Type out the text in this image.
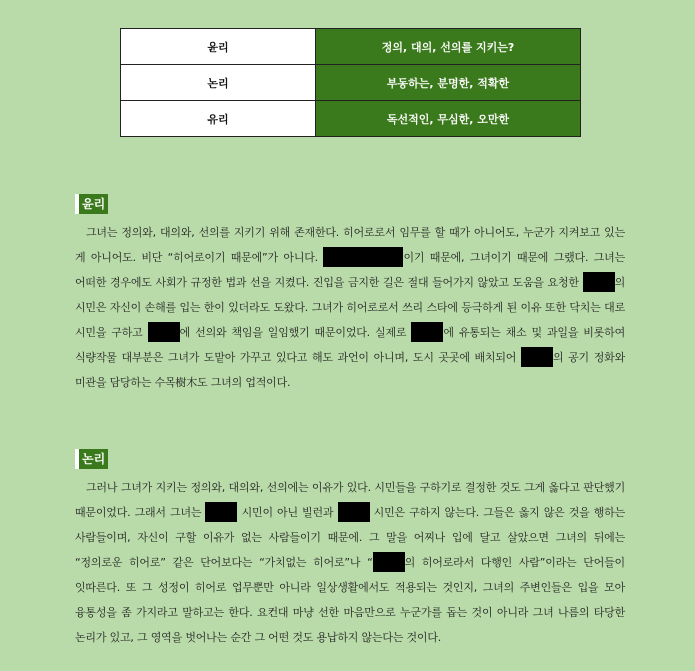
윤리	정의, 대의, 선의를 지키는?
논리	부동하는, 분명한, 적확한
유리	독선적인, 무심한, 오만한
윤리

그녀는 정의와, 대의와, 선의를 지키기 위해 존재한다. 히어로로서 임무를 할 때가 아니어도, 누군가 지켜보고 있는 게 아니어도. 비단 “히어로이기 때문에”가 아니다.	이기 때문에, 그녀이기 때문에 그랬다. 그녀는 어떠한 경우에도 사회가 규정한 법과 선을 지켰다. 진입을 금지한 길은 절대 들어가지 않았고 도움을 요청한	의 시민은 자신이 손해를 입는 한이 있더라도 도왔다. 그녀가 히어로로서 쓰리 스타에 등극하게 된 이유 또한 닥치는 대로 시민을 구하고	에 선의와 책임을 일임했기 때문이었다. 실제로	에 유통되는 채소 및 과일을 비롯하여 식량작물 대부분은 그녀가 도맡아 가꾸고 있다고 해도 과언이 아니며, 도시 곳곳에 배치되어	의 공기 정화와 미관을 담당하는 수목樹木도 그녀의 업적이다.

논리

그러나 그녀가 지키는 정의와, 대의와, 선의에는 이유가 있다. 시민들을 구하기로 결정한 것도 그게 옳다고 판단했기 때문이었다. 그래서 그녀는	시민이 아닌 빌런과	시민은 구하지 않는다. 그들은 옳지 않은 것을 행하는 사람들이며, 자신이 구할 이유가 없는 사람들이기 때문에. 그 말을 어찌나 입에 달고 살았으면 그녀의 뒤에는 “정의로운 히어로” 같은 단어보다는 “가치없는 히어로”나 “	의 히어로라서 다행인 사람”이라는 단어들이 잇따른다. 또 그 성정이 히어로 업무뿐만 아니라 일상생활에서도 적용되는 것인지, 그녀의 주변인들은 입을 모아 융통성을 좀 가지라고 말하고는 한다. 요컨대 마냥 선한 마음만으로 누군가를 돕는 것이 아니라 그녀 나름의 타당한 논리가 있고, 그 영역을 벗어나는 순간 그 어떤 것도 용납하지 않는다는 것이다.
